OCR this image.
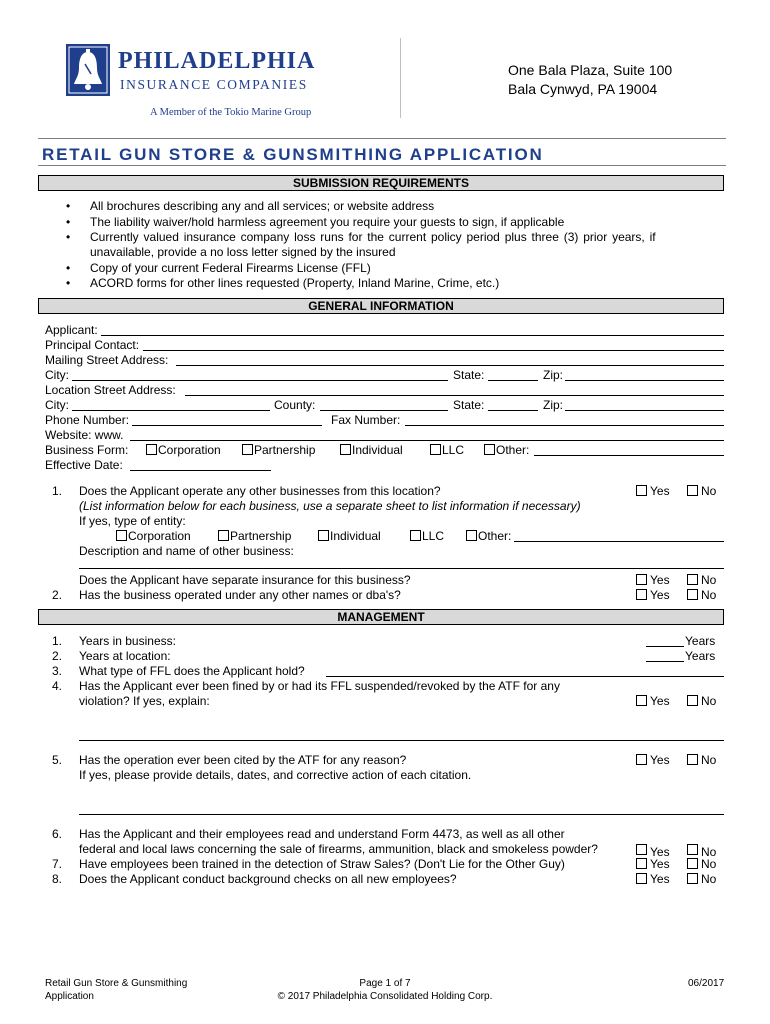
PHILADELPHIA
INSURANCE COMPANIES
A Member of the Tokio Marine Group
One Bala Plaza, Suite 100
Bala Cynwyd, PA 19004
RETAIL GUN STORE & GUNSMITHING APPLICATION
SUBMISSION REQUIREMENTS
• All brochures describing any and all services; or website address
• The liability waiver/hold harmless agreement you require your guests to sign, if applicable
• Currently valued insurance company loss runs for the current policy period plus three (3) prior years, if
unavailable, provide a no loss letter signed by the insured
• Copy of your current Federal Firearms License (FFL)
• ACORD forms for other lines requested (Property, Inland Marine, Crime, etc.)
GENERAL INFORMATION
Applicant:
Principal Contact:
Mailing Street Address:
City:	State:	Zip:
Location Street Address:
City:	County:	State:	Zip:
Phone Number:	Fax Number:
Website: www.
Business Form: Corporation	Partnership	Individual	LLC	Other:
Effective Date:
1. Does the Applicant operate any other businesses from this location?	Yes	No
(List information below for each business, use a separate sheet to list information if necessary)
If yes, type of entity:
Corporation	Partnership	Individual	LLC	Other:
Description and name of other business:
Does the Applicant have separate insurance for this business?	Yes	No
2. Has the business operated under any other names or dba's?	Yes	No
MANAGEMENT
1. Years in business:	Years
2. Years at location:	Years
3. What type of FFL does the Applicant hold?
4. Has the Applicant ever been fined by or had its FFL suspended/revoked by the ATF for any
violation? If yes, explain:	Yes	No
5. Has the operation ever been cited by the ATF for any reason?	Yes	No
If yes, please provide details, dates, and corrective action of each citation.
6. Has the Applicant and their employees read and understand Form 4473, as well as all other
federal and local laws concerning the sale of firearms, ammunition, black and smokeless powder?	Yes	No
7. Have employees been trained in the detection of Straw Sales? (Don't Lie for the Other Guy)	Yes	No
8. Does the Applicant conduct background checks on all new employees?	Yes	No
Retail Gun Store & Gunsmithing
Application
Page 1 of 7
© 2017 Philadelphia Consolidated Holding Corp.
06/2017
